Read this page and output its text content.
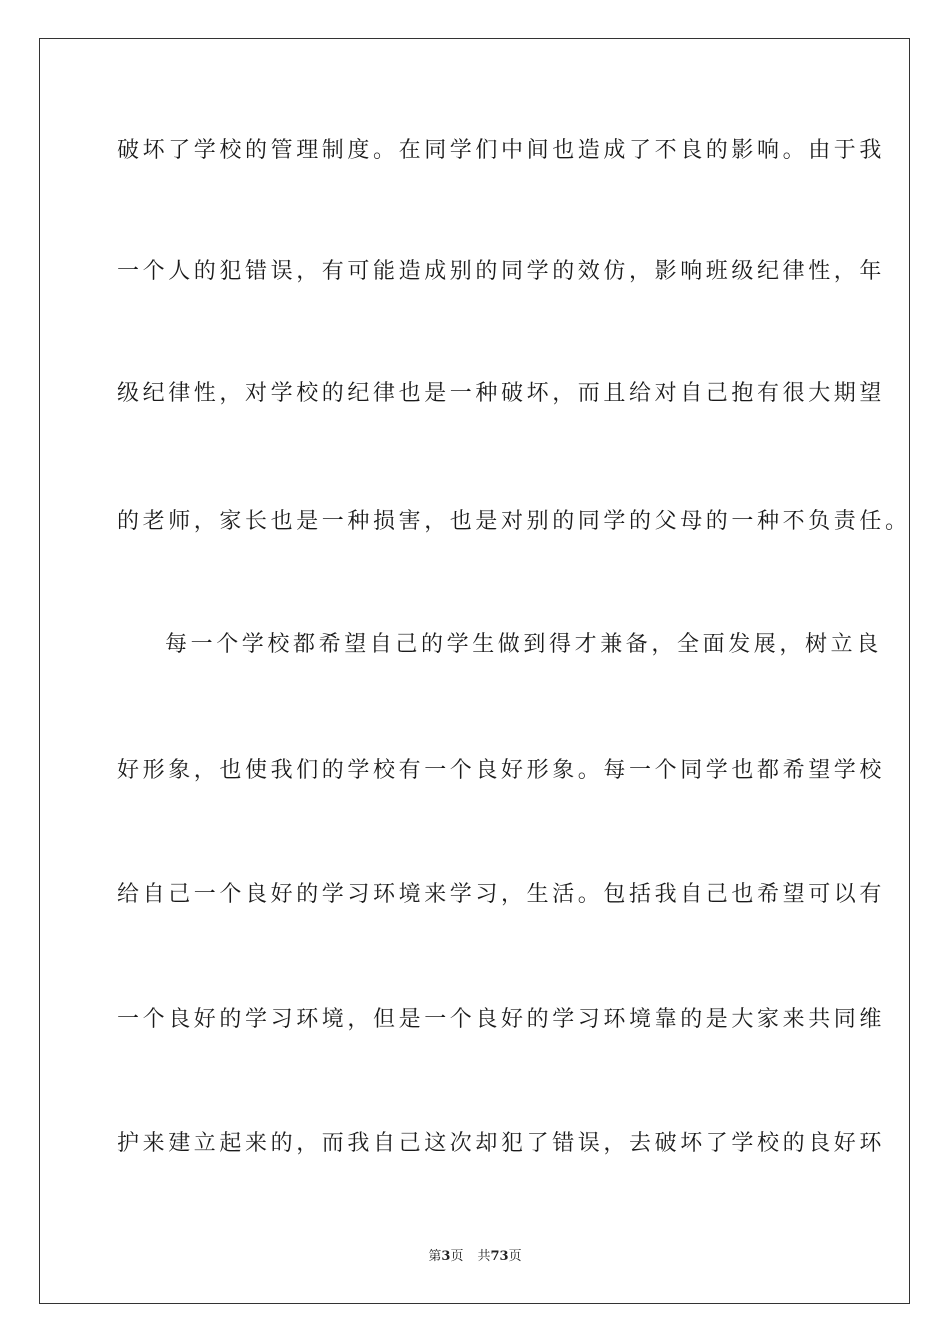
破坏了学校的管理制度。在同学们中间也造成了不良的影响。由于我
一个人的犯错误，有可能造成别的同学的效仿，影响班级纪律性，年
级纪律性，对学校的纪律也是一种破坏，而且给对自己抱有很大期望
的老师，家长也是一种损害，也是对别的同学的父母的一种不负责任。
每一个学校都希望自己的学生做到得才兼备，全面发展，树立良
好形象，也使我们的学校有一个良好形象。每一个同学也都希望学校
给自己一个良好的学习环境来学习，生活。包括我自己也希望可以有
一个良好的学习环境，但是一个良好的学习环境靠的是大家来共同维
护来建立起来的，而我自己这次却犯了错误，去破坏了学校的良好环
第3页 共73页
